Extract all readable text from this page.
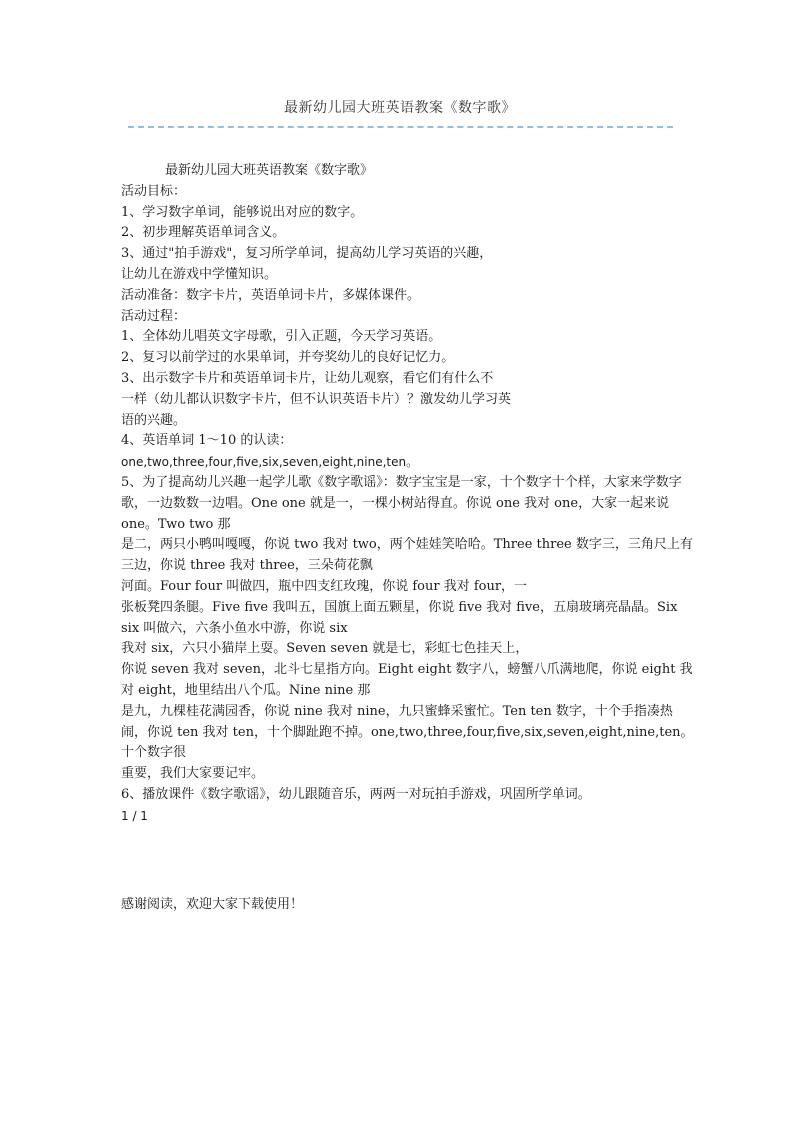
最新幼儿园大班英语教案《数字歌》
最新幼儿园大班英语教案《数字歌》
活动目标：
1、学习数字单词，能够说出对应的数字。
2、初步理解英语单词含义。
3、通过"拍手游戏"，复习所学单词，提高幼儿学习英语的兴趣，
让幼儿在游戏中学懂知识。
活动准备：数字卡片，英语单词卡片，多媒体课件。
活动过程：
1、全体幼儿唱英文字母歌，引入正题，今天学习英语。
2、复习以前学过的水果单词，并夸奖幼儿的良好记忆力。
3、出示数字卡片和英语单词卡片，让幼儿观察，看它们有什么不
一样（幼儿都认识数字卡片，但不认识英语卡片）？激发幼儿学习英
语的兴趣。
4、英语单词 1～10 的认读：
one,two,three,four,five,six,seven,eight,nine,ten。
5、为了提高幼儿兴趣一起学儿歌《数字歌谣》：数字宝宝是一家，十个数字十个样，大家来学数字歌，一边数数一边唱。One one 就是一，一棵小树站得直。你说 one 我对 one，大家一起来说 one。Two two 那
是二，两只小鸭叫嘎嘎，你说 two 我对 two，两个娃娃笑哈哈。Three three 数字三，三角尺上有三边，你说 three 我对 three，三朵荷花飘
河面。Four four 叫做四，瓶中四支红玫瑰，你说 four 我对 four，一
张板凳四条腿。Five five 我叫五，国旗上面五颗星，你说 five 我对 five，五扇玻璃亮晶晶。Six six 叫做六，六条小鱼水中游，你说 six
我对 six，六只小猫岸上耍。Seven seven 就是七，彩虹七色挂天上，
你说 seven 我对 seven，北斗七星指方向。Eight eight 数字八，螃蟹八爪满地爬，你说 eight 我对 eight，地里结出八个瓜。Nine nine 那
是九，九棵桂花满园香，你说 nine 我对 nine，九只蜜蜂采蜜忙。Ten ten 数字，十个手指凑热闹，你说 ten 我对 ten，十个脚趾跑不掉。one,two,three,four,five,six,seven,eight,nine,ten。十个数字很
重要，我们大家要记牢。
6、播放课件《数字歌谣》，幼儿跟随音乐，两两一对玩拍手游戏，巩固所学单词。
1 / 1
感谢阅读，欢迎大家下载使用！
